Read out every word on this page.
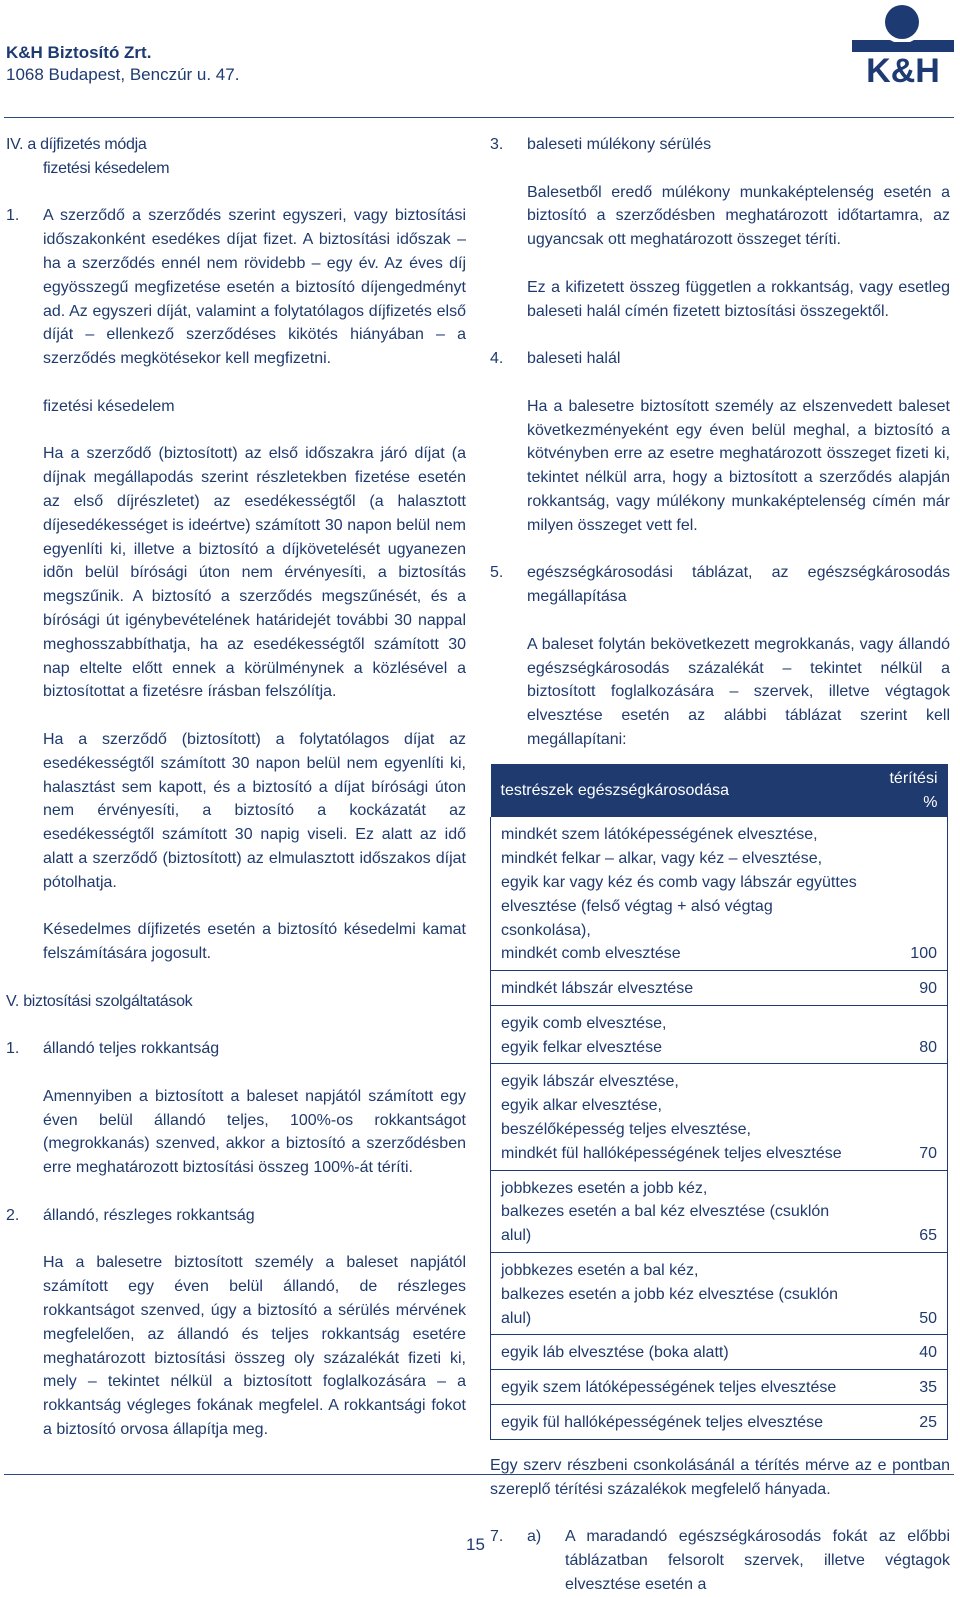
K&H Biztosító Zrt.
1068 Budapest, Benczúr u. 47.	K&H

IV. a díjfizetés módja

fizetési késedelem

1. A szerződő a szerződés szerint egyszeri, vagy biztosítási időszakonként esedékes díjat fizet. A biztosítási időszak – ha a szerződés ennél nem rövidebb – egy év. Az éves díj egyösszegű megfizetése esetén a biztosító díjengedményt ad. Az egyszeri díját, valamint a folytatólagos díjfizetés első díját – ellenkező szerződéses kikötés hiányában – a szerződés megkötésekor kell megfizetni.

fizetési késedelem

Ha a szerződő (biztosított) az első időszakra járó díjat (a díjnak megállapodás szerint részletekben fizetése esetén az első díjrészletet) az esedékességtől (a halasztott díjesedékességet is ideértve) számított 30 napon belül nem egyenlíti ki, illetve a biztosító a díjkövetelését ugyanezen idõn belül bírósági úton nem érvényesíti, a biztosítás megszűnik. A biztosító a szerződés megszűnését, és a bírósági út igénybevételének határidejét további 30 nappal meghosszabbíthatja, ha az esedékességtől számított 30 nap eltelte előtt ennek a körülménynek a közlésével a biztosítottat a fizetésre írásban felszólítja.

Ha a szerződő (biztosított) a folytatólagos díjat az esedékességtől számított 30 napon belül nem egyenlíti ki, halasztást sem kapott, és a biztosító a díjat bírósági úton nem érvényesíti, a biztosító a kockázatát az esedékességtől számított 30 napig viseli. Ez alatt az idő alatt a szerződő (biztosított) az elmulasztott időszakos díjat pótolhatja.

Késedelmes díjfizetés esetén a biztosító késedelmi kamat felszámítására jogosult.

V. biztosítási szolgáltatások

1. állandó teljes rokkantság

Amennyiben a biztosított a baleset napjától számított egy éven belül állandó teljes, 100%-os rokkantságot (megrokkanás) szenved, akkor a biztosító a szerződésben erre meghatározott biztosítási összeg 100%-át téríti.

2. állandó, részleges rokkantság

Ha a balesetre biztosított személy a baleset napjától számított egy éven belül állandó, de részleges rokkantságot szenved, úgy a biztosító a sérülés mérvének megfelelően, az állandó és teljes rokkantság esetére meghatározott biztosítási összeg oly százalékát fizeti ki, mely – tekintet nélkül a biztosított foglalkozására – a rokkantság végleges fokának megfelel. A rokkantsági fokot a biztosító orvosa állapítja meg.

3. baleseti múlékony sérülés

Balesetből eredő múlékony munkaképtelenség esetén a biztosító a szerződésben meghatározott időtartamra, az ugyancsak ott meghatározott összeget téríti.

Ez a kifizetett összeg független a rokkantság, vagy esetleg baleseti halál címén fizetett biztosítási összegektől.

4. baleseti halál

Ha a balesetre biztosított személy az elszenvedett baleset következményeként egy éven belül meghal, a biztosító a kötvényben erre az esetre meghatározott összeget fizeti ki, tekintet nélkül arra, hogy a biztosított a szerződés alapján rokkantság, vagy múlékony munkaképtelenség címén már milyen összeget vett fel.

5. egészségkárosodási táblázat, az egészségkárosodás megállapítása

A baleset folytán bekövetkezett megrokkanás, vagy állandó egészségkárosodás százalékát – tekintet nélkül a biztosított foglalkozására – szervek, illetve végtagok elvesztése esetén az alábbi táblázat szerint kell megállapítani:

testrészek egészségkárosodása	térítési %

mindkét szem látóképességének elvesztése,
mindkét felkar – alkar, vagy kéz – elvesztése,
egyik kar vagy kéz és comb vagy lábszár együttes
elvesztése (felső végtag + alsó végtag csonkolása),
mindkét comb elvesztése	100

mindkét lábszár elvesztése	90

egyik comb elvesztése,
egyik felkar elvesztése	80

egyik lábszár elvesztése,
egyik alkar elvesztése,
beszélőképesség teljes elvesztése,
mindkét fül hallóképességének teljes elvesztése	70

jobbkezes esetén a jobb kéz,
balkezes esetén a bal kéz elvesztése (csuklón alul)	65

jobbkezes esetén a bal kéz,
balkezes esetén a jobb kéz elvesztése (csuklón alul)	50

egyik láb elvesztése (boka alatt)	40

egyik szem látóképességének teljes elvesztése	35

egyik fül hallóképességének teljes elvesztése	25

Egy szerv részbeni csonkolásánál a térítés mérve az e pontban szereplő térítési százalékok megfelelő hányada.

7. a) A maradandó egészségkárosodás fokát az előbbi táblázatban felsorolt szervek, illetve végtagok elvesztése esetén a

15
